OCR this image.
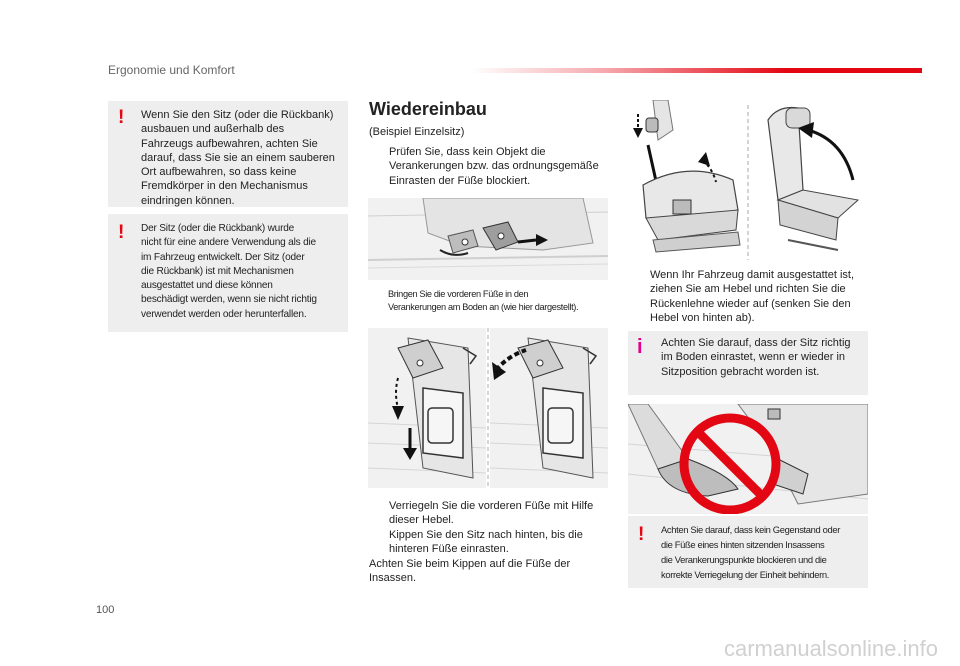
Ergonomie und Komfort
! Wenn Sie den Sitz (oder die Rückbank)
ausbauen und außerhalb des
Fahrzeugs aufbewahren, achten Sie
darauf, dass Sie sie an einem sauberen
Ort aufbewahren, so dass keine
Fremdkörper in den Mechanismus
eindringen können.
! Der Sitz (oder die Rückbank) wurde
nicht für eine andere Verwendung als die
im Fahrzeug entwickelt. Der Sitz (oder
die Rückbank) ist mit Mechanismen
ausgestattet und diese können
beschädigt werden, wenn sie nicht richtig
verwendet werden oder herunterfallen.
Wiedereinbau
(Beispiel Einzelsitz)
Prüfen Sie, dass kein Objekt die
Verankerungen bzw. das ordnungsgemäße
Einrasten der Füße blockiert.
Bringen Sie die vorderen Füße in den
Verankerungen am Boden an (wie hier dargestellt).
Verriegeln Sie die vorderen Füße mit Hilfe
dieser Hebel.
Kippen Sie den Sitz nach hinten, bis die
hinteren Füße einrasten.
Achten Sie beim Kippen auf die Füße der
Insassen.
Wenn Ihr Fahrzeug damit ausgestattet ist,
ziehen Sie am Hebel und richten Sie die
Rückenlehne wieder auf (senken Sie den
Hebel von hinten ab).
i Achten Sie darauf, dass der Sitz richtig
im Boden einrastet, wenn er wieder in
Sitzposition gebracht worden ist.
! Achten Sie darauf, dass kein Gegenstand oder
die Füße eines hinten sitzenden Insassens
die Verankerungspunkte blockieren und die
korrekte Verriegelung der Einheit behindern.
100
carmanualsonline.info
